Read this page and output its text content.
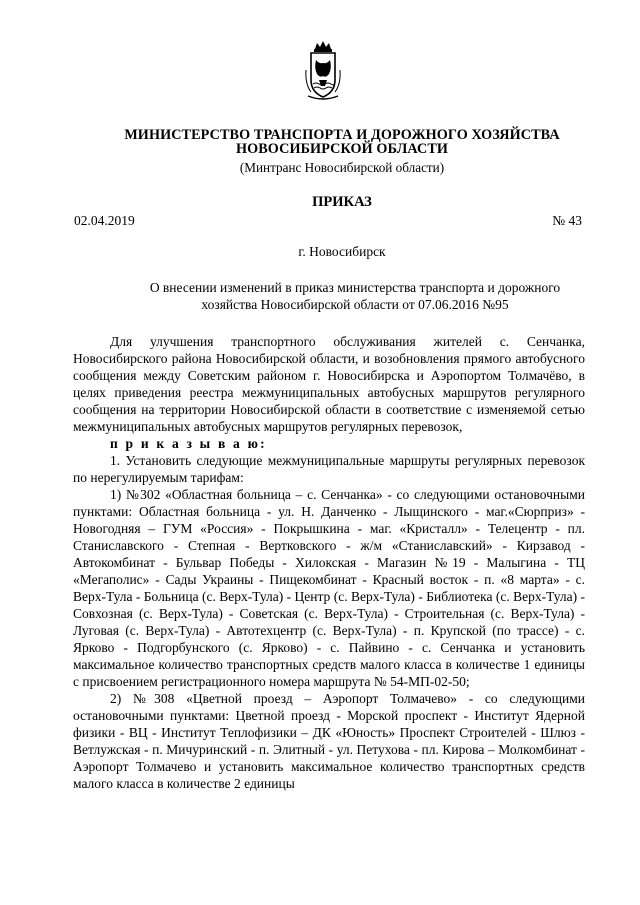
МИНИСТЕРСТВО ТРАНСПОРТА И ДОРОЖНОГО ХОЗЯЙСТВА
НОВОСИБИРСКОЙ ОБЛАСТИ
(Минтранс Новосибирской области)
ПРИКАЗ
02.04.2019	№ 43
г. Новосибирск
О внесении изменений в приказ министерства транспорта и дорожного хозяйства Новосибирской области от 07.06.2016 №95

Для улучшения транспортного обслуживания жителей с. Сенчанка, Новосибирского района Новосибирской области, и возобновления прямого автобусного сообщения между Советским районом г. Новосибирска и Аэропортом Толмачёво, в целях приведения реестра межмуниципальных автобусных маршрутов регулярного сообщения на территории Новосибирской области в соответствие с изменяемой сетью межмуниципальных автобусных маршрутов регулярных перевозок,

п р и к а з ы в а ю:

1. Установить следующие межмуниципальные маршруты регулярных перевозок по нерегулируемым тарифам:

1) №302 «Областная больница – с. Сенчанка» - со следующими остановочными пунктами: Областная больница - ул. Н. Данченко - Лыщинского - маг.«Сюрприз» - Новогодняя – ГУМ «Россия» - Покрышкина - маг. «Кристалл» - Телецентр - пл. Станиславского - Степная - Вертковского - ж/м «Станиславский» - Кирзавод - Автокомбинат - Бульвар Победы - Хилокская - Магазин №19 - Малыгина - ТЦ «Мегаполис» - Сады Украины - Пищекомбинат - Красный восток - п. «8 марта» - с. Верх-Тула - Больница (с. Верх-Тула) - Центр (с. Верх-Тула) - Библиотека (с. Верх-Тула) - Совхозная (с. Верх-Тула) - Советская (с. Верх-Тула) - Строительная (с. Верх-Тула) - Луговая (с. Верх-Тула) - Автотехцентр (с. Верх-Тула) - п. Крупской (по трассе) - с. Ярково - Подгорбунского (с. Ярково) - с. Пайвино - с. Сенчанка и установить максимальное количество транспортных средств малого класса в количестве 1 единицы с присвоением регистрационного номера маршрута № 54-МП-02-50;

2) №308 «Цветной проезд – Аэропорт Толмачево» - со следующими остановочными пунктами: Цветной проезд - Морской проспект - Институт Ядерной физики - ВЦ - Институт Теплофизики – ДК «Юность» Проспект Строителей - Шлюз - Ветлужская - п. Мичуринский - п. Элитный - ул. Петухова - пл. Кирова – Молкомбинат - Аэропорт Толмачево и установить максимальное количество транспортных средств малого класса в количестве 2 единицы
